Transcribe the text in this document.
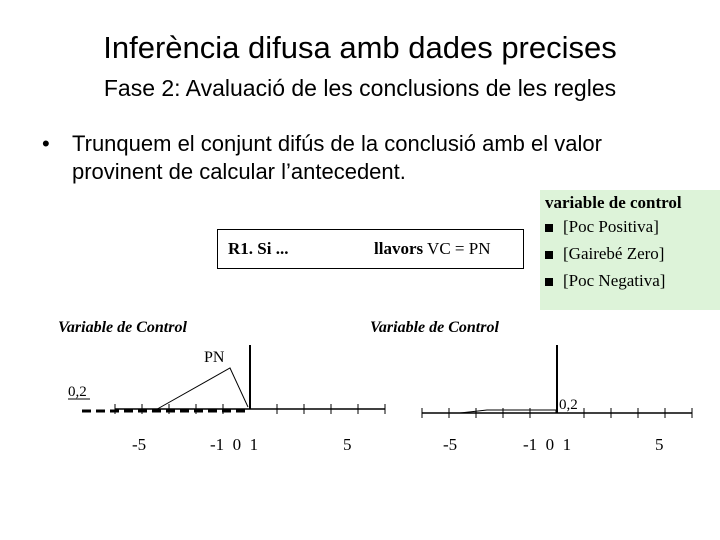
Inferència difusa amb dades precises
Fase 2: Avaluació de les conclusions de les regles
• Trunquem el conjunt difús de la conclusió amb el valor provinent de calcular l’antecedent.
R1. Si ...	llavors VC = PN
variable de control
[Poc Positiva]
[Gairebé Zero]
[Poc Negativa]
Variable de Control
PN
0,2
-5	-1  0  1	5
Variable de Control
0,2
-5	-1  0  1	5
